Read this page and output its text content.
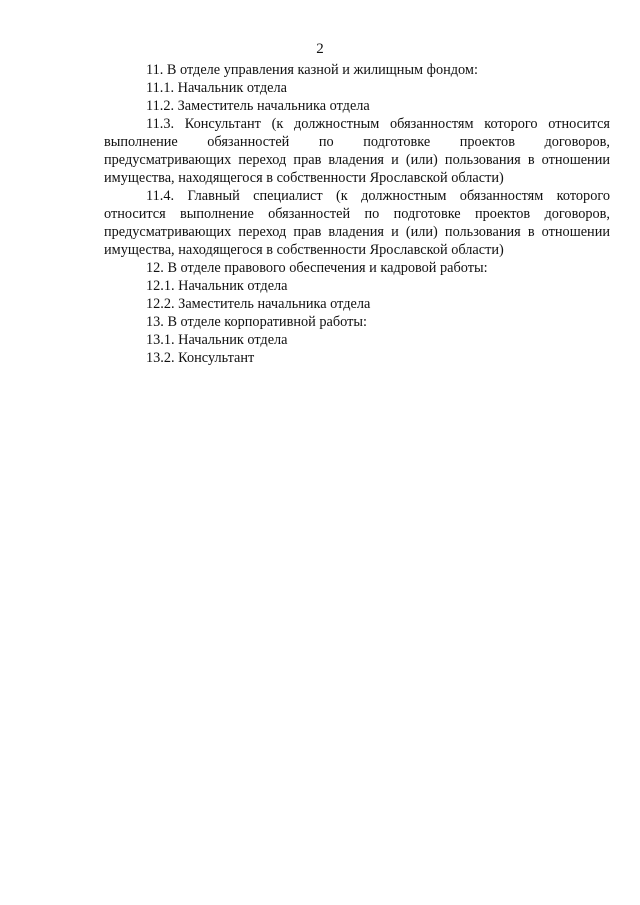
2

11. В отделе управления казной и жилищным фондом:

11.1. Начальник отдела

11.2. Заместитель начальника отдела

11.3. Консультант (к должностным обязанностям которого относится выполнение обязанностей по подготовке проектов договоров, предусматривающих переход прав владения и (или) пользования в отношении имущества, находящегося в собственности Ярославской области)

11.4. Главный специалист (к должностным обязанностям которого относится выполнение обязанностей по подготовке проектов договоров, предусматривающих переход прав владения и (или) пользования в отношении имущества, находящегося в собственности Ярославской области)

12. В отделе правового обеспечения и кадровой работы:

12.1. Начальник отдела

12.2. Заместитель начальника отдела

13. В отделе корпоративной работы:

13.1. Начальник отдела

13.2. Консультант
